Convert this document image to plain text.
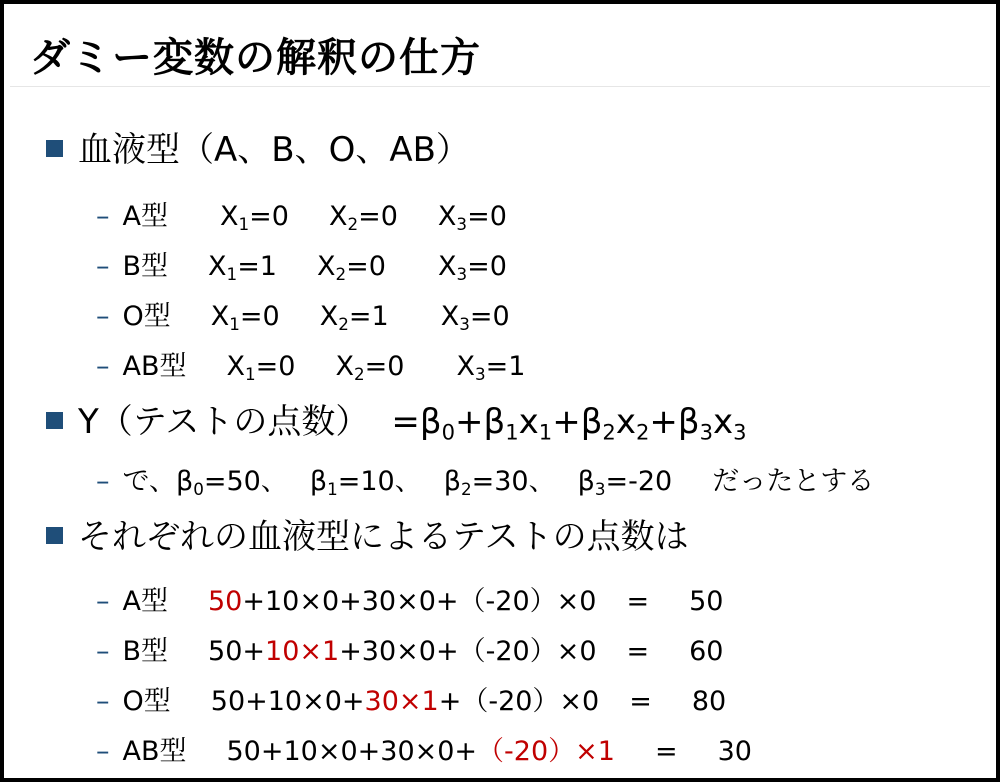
ダミー変数の解釈の仕方
血液型（A、B、O、AB）
– A型 $X_1=0$ $X_2=0$ $X_3=0$
– B型 $X_1=1$ $X_2=0$ $X_3=0$
– O型 $X_1=0$ $X_2=1$ $X_3=0$
– AB型 $X_1=0$ $X_2=0$ $X_3=1$
Y（テストの点数） $=\beta_0+\beta_1x_1+\beta_2x_2+\beta_3x_3$
– で、$\beta_0=50$、 $\beta_1=10$、 $\beta_2=30$、 $\beta_3=-20$ だったとする
それぞれの血液型によるテストの点数は
– A型 50+10×0+30×0+（-20）×0 = 50
– B型 50+10×1+30×0+（-20）×0 = 60
– O型 50+10×0+30×1+（-20）×0 = 80
– AB型 50+10×0+30×0+（-20）×1 = 30
